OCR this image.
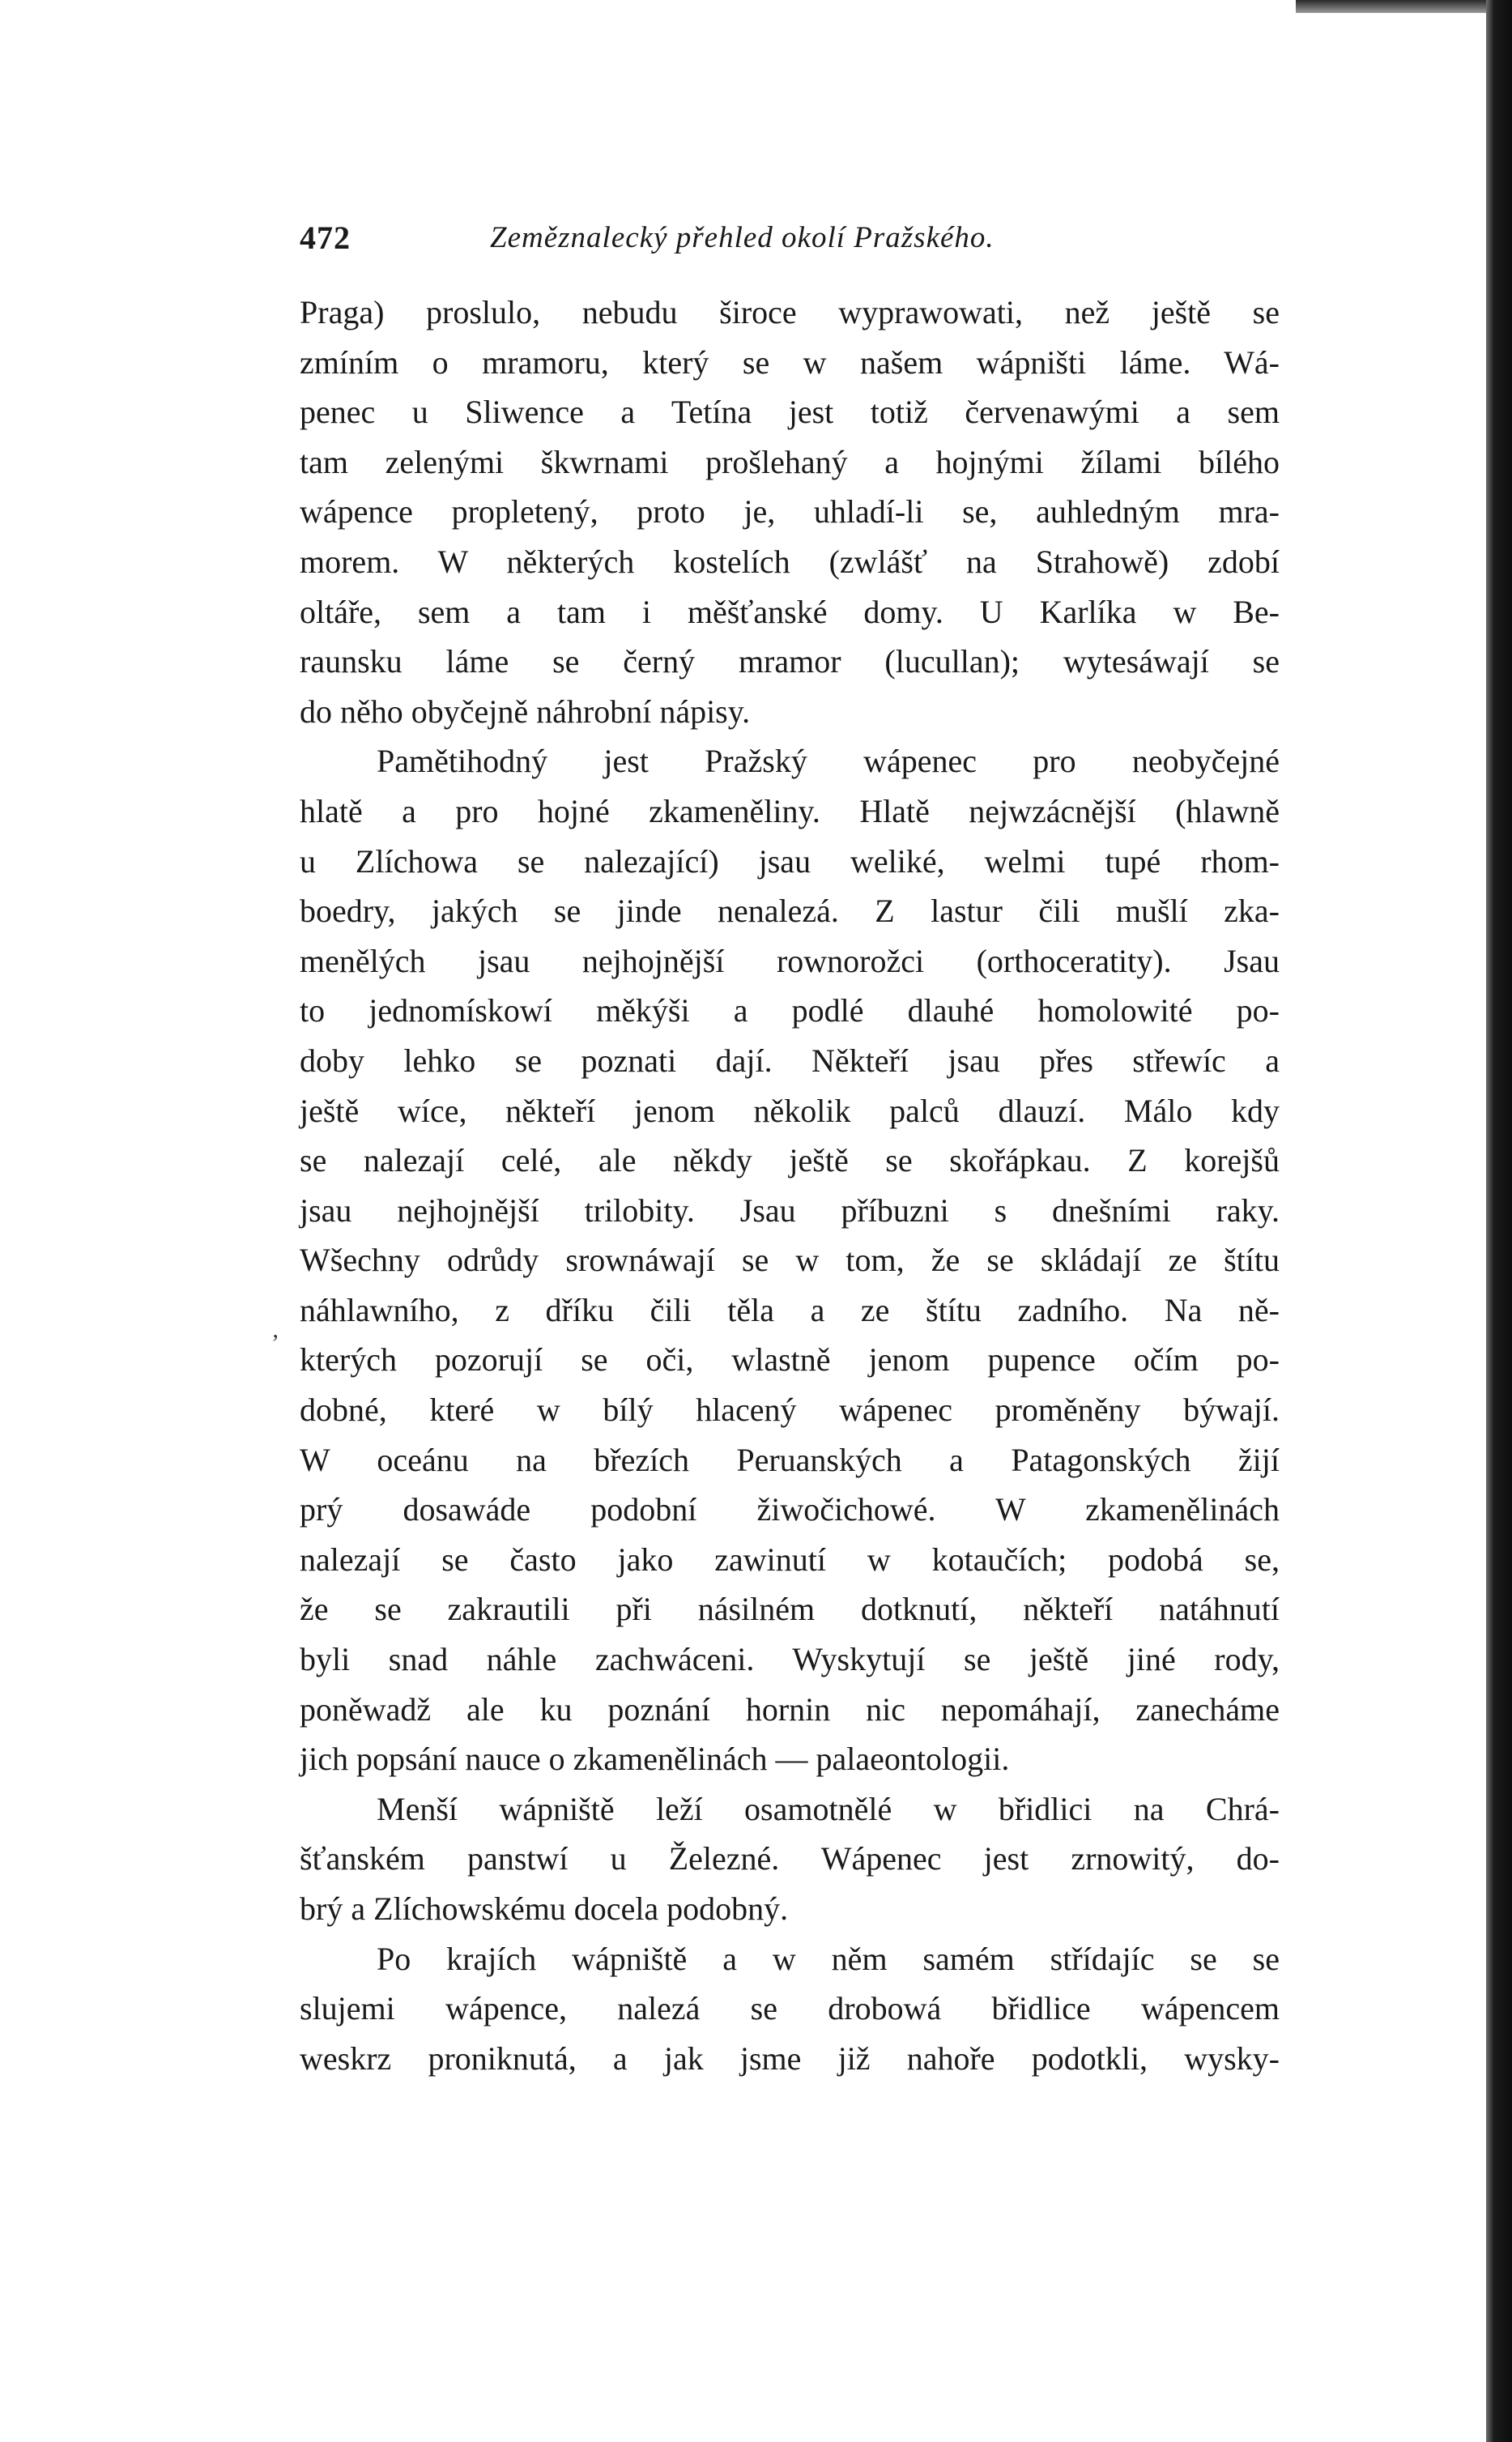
472	Zeměznalecký přehled okolí Pražského.
‚
Praga) proslulo, nebudu široce wyprawowati, než ještě se
zmíním o mramoru, který se w našem wápništi láme. Wá-
penec u Sliwence a Tetína jest totiž červenawými a sem
tam zelenými škwrnami prošlehaný a hojnými žílami bílého
wápence propletený, proto je, uhladí-li se, auhledným mra-
morem. W některých kostelích (zwlášť na Strahowě) zdobí
oltáře, sem a tam i měšťanské domy. U Karlíka w Be-
raunsku láme se černý mramor (lucullan); wytesáwají se
do něho obyčejně náhrobní nápisy.
Pamětihodný jest Pražský wápenec pro neobyčejné
hlatě a pro hojné zkameněliny. Hlatě nejwzácnější (hlawně
u Zlíchowa se nalezající) jsau weliké, welmi tupé rhom-
boedry, jakých se jinde nenalezá. Z lastur čili mušlí zka-
menělých jsau nejhojnější rownorožci (orthoceratity). Jsau
to jednomískowí měkýši a podlé dlauhé homolowité po-
doby lehko se poznati dají. Někteří jsau přes střewíc a
ještě wíce, někteří jenom několik palců dlauzí. Málo kdy
se nalezají celé, ale někdy ještě se skořápkau. Z korejšů
jsau nejhojnější trilobity. Jsau příbuzni s dnešními raky.
Wšechny odrůdy srownáwají se w tom, že se skládají ze štítu
náhlawního, z dříku čili těla a ze štítu zadního. Na ně-
kterých pozorují se oči, wlastně jenom pupence očím po-
dobné, které w bílý hlacený wápenec proměněny býwají.
W oceánu na březích Peruanských a Patagonských žijí
prý dosawáde podobní žiwočichowé. W zkamenělinách
nalezají se často jako zawinutí w kotaučích; podobá se,
že se zakrautili při násilném dotknutí, někteří natáhnutí
byli snad náhle zachwáceni. Wyskytují se ještě jiné rody,
poněwadž ale ku poznání hornin nic nepomáhají, zanecháme
jich popsání nauce o zkamenělinách — palaeontologii.
Menší wápniště leží osamotnělé w břidlici na Chrá-
šťanském panstwí u Železné. Wápenec jest zrnowitý, do-
brý a Zlíchowskému docela podobný.
Po krajích wápniště a w něm samém střídajíc se se
slujemi wápence, nalezá se drobowá břidlice wápencem
weskrz proniknutá, a jak jsme již nahoře podotkli, wysky-
